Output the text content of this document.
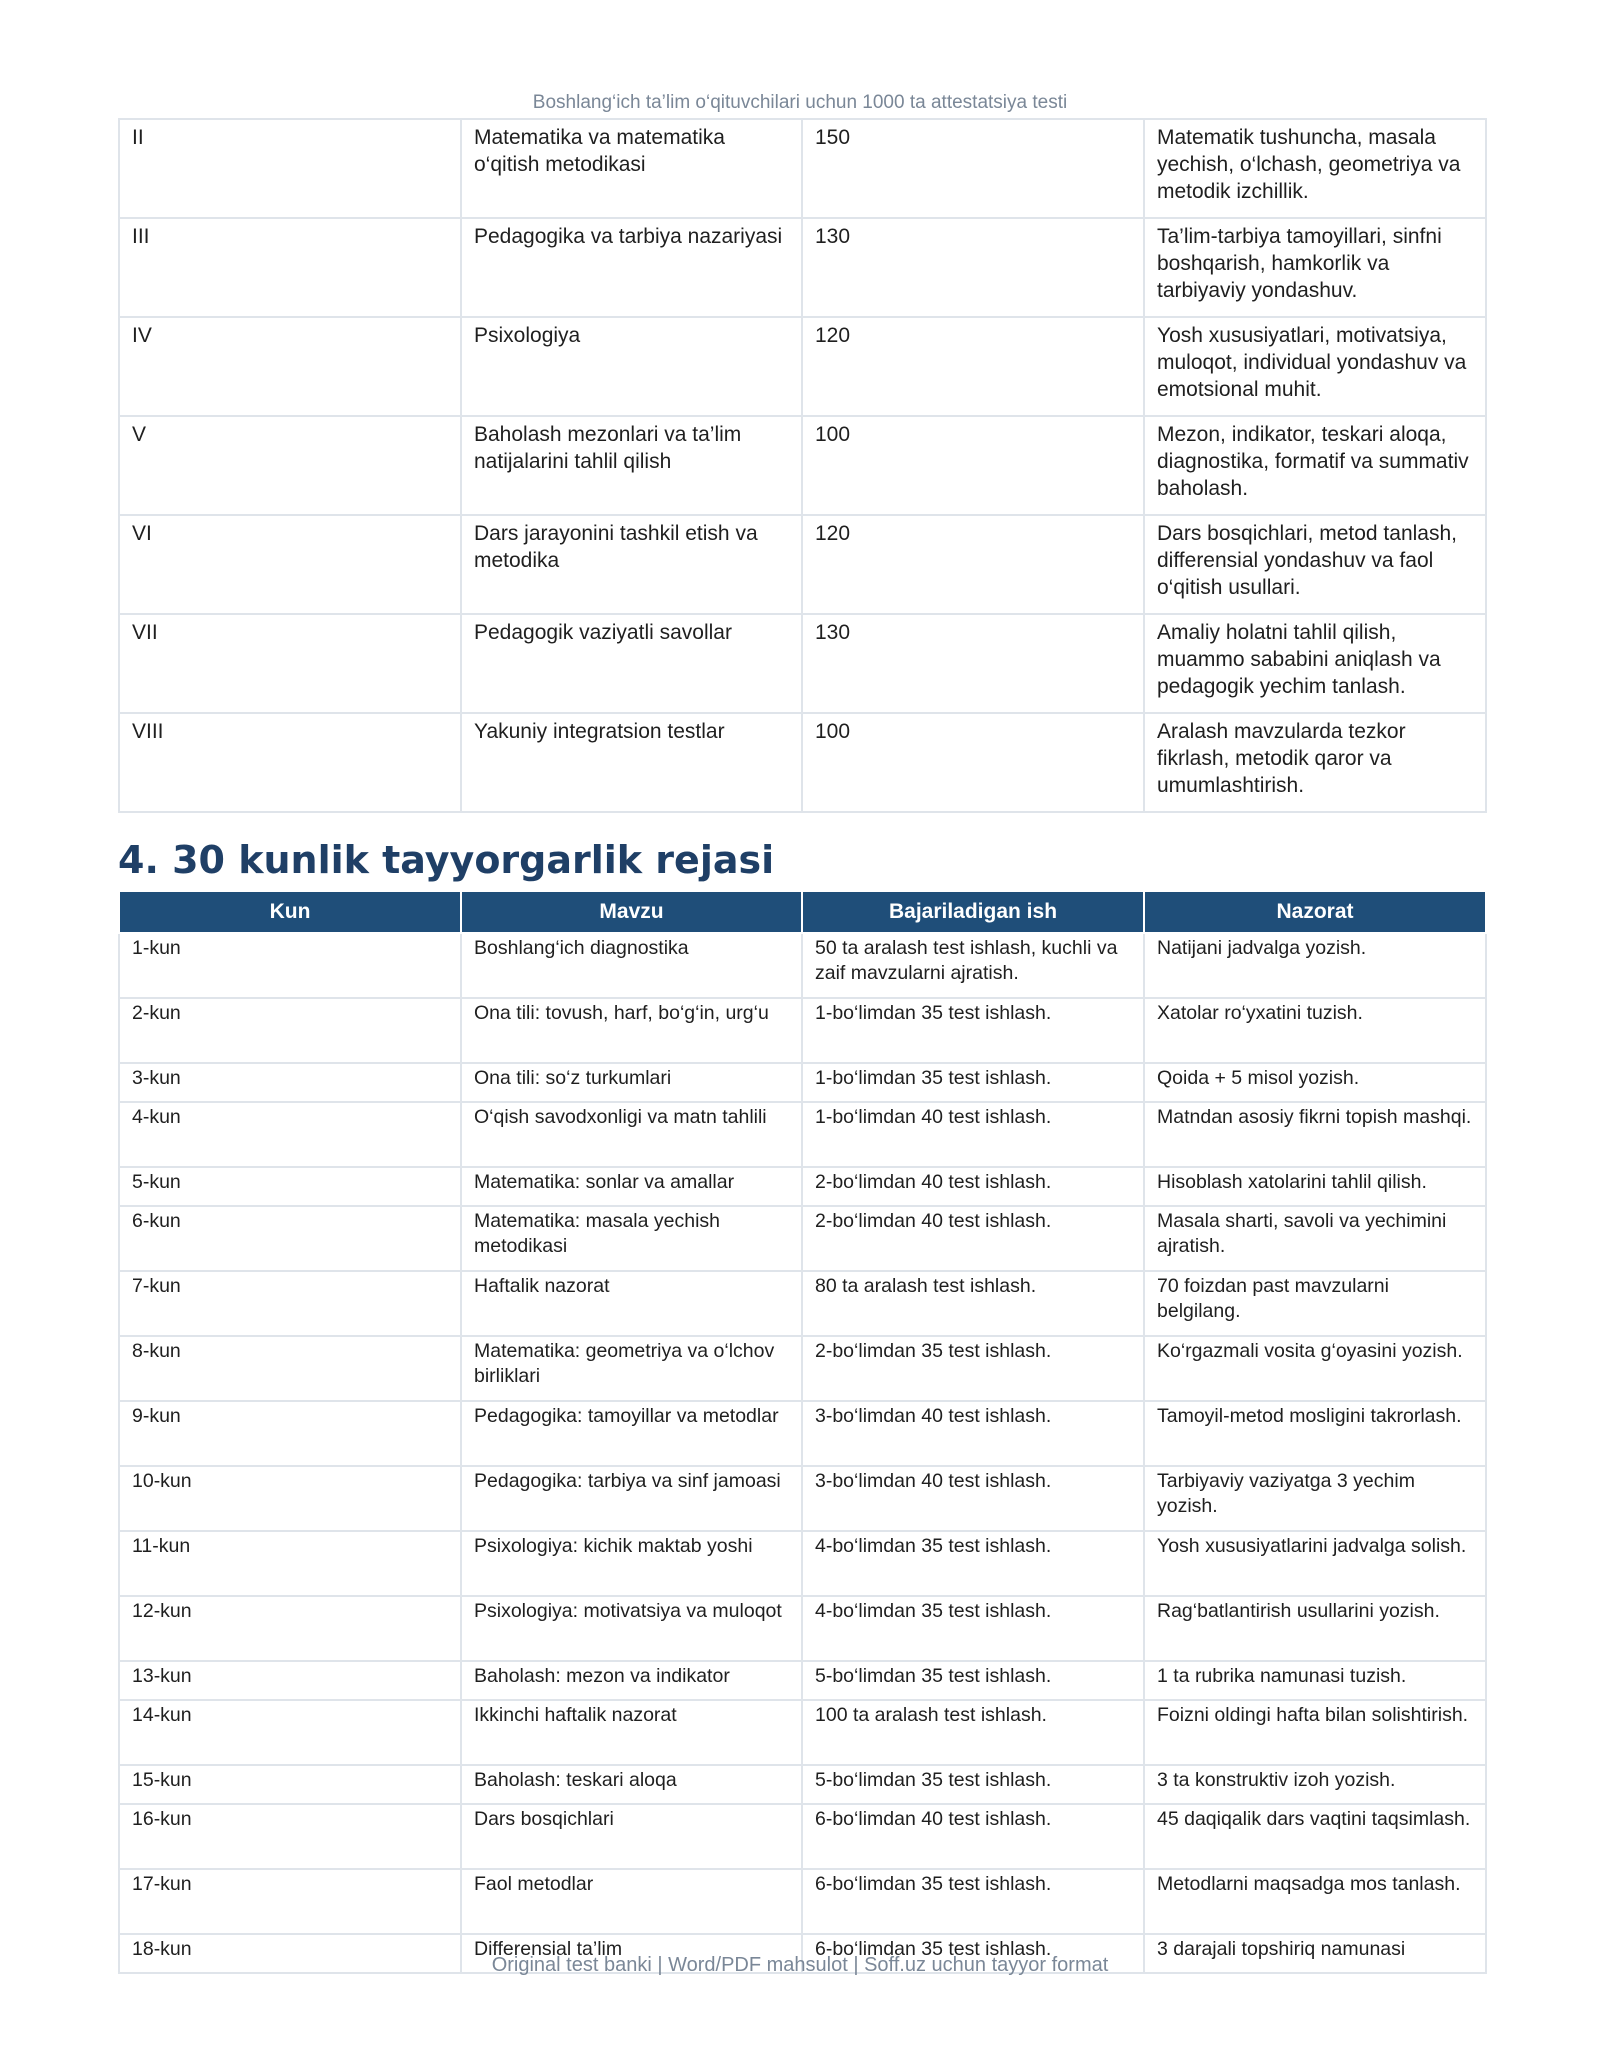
Boshlang‘ich ta’lim o‘qituvchilari uchun 1000 ta attestatsiya testi
II	Matematika va matematika o‘qitish metodikasi	150	Matematik tushuncha, masala yechish, o‘lchash, geometriya va metodik izchillik.
III	Pedagogika va tarbiya nazariyasi	130	Ta’lim-tarbiya tamoyillari, sinfni boshqarish, hamkorlik va tarbiyaviy yondashuv.
IV	Psixologiya	120	Yosh xususiyatlari, motivatsiya, muloqot, individual yondashuv va emotsional muhit.
V	Baholash mezonlari va ta’lim natijalarini tahlil qilish	100	Mezon, indikator, teskari aloqa, diagnostika, formatif va summativ baholash.
VI	Dars jarayonini tashkil etish va metodika	120	Dars bosqichlari, metod tanlash, differensial yondashuv va faol o‘qitish usullari.
VII	Pedagogik vaziyatli savollar	130	Amaliy holatni tahlil qilish, muammo sababini aniqlash va pedagogik yechim tanlash.
VIII	Yakuniy integratsion testlar	100	Aralash mavzularda tezkor fikrlash, metodik qaror va umumlashtirish.
4. 30 kunlik tayyorgarlik rejasi
Kun	Mavzu	Bajariladigan ish	Nazorat
1-kun	Boshlang‘ich diagnostika	50 ta aralash test ishlash, kuchli va zaif mavzularni ajratish.	Natijani jadvalga yozish.
2-kun	Ona tili: tovush, harf, bo‘g‘in, urg‘u	1-bo‘limdan 35 test ishlash.	Xatolar ro‘yxatini tuzish.
3-kun	Ona tili: so‘z turkumlari	1-bo‘limdan 35 test ishlash.	Qoida + 5 misol yozish.
4-kun	O‘qish savodxonligi va matn tahlili	1-bo‘limdan 40 test ishlash.	Matndan asosiy fikrni topish mashqi.
5-kun	Matematika: sonlar va amallar	2-bo‘limdan 40 test ishlash.	Hisoblash xatolarini tahlil qilish.
6-kun	Matematika: masala yechish metodikasi	2-bo‘limdan 40 test ishlash.	Masala sharti, savoli va yechimini ajratish.
7-kun	Haftalik nazorat	80 ta aralash test ishlash.	70 foizdan past mavzularni belgilang.
8-kun	Matematika: geometriya va o‘lchov birliklari	2-bo‘limdan 35 test ishlash.	Ko‘rgazmali vosita g‘oyasini yozish.
9-kun	Pedagogika: tamoyillar va metodlar	3-bo‘limdan 40 test ishlash.	Tamoyil-metod mosligini takrorlash.
10-kun	Pedagogika: tarbiya va sinf jamoasi	3-bo‘limdan 40 test ishlash.	Tarbiyaviy vaziyatga 3 yechim yozish.
11-kun	Psixologiya: kichik maktab yoshi	4-bo‘limdan 35 test ishlash.	Yosh xususiyatlarini jadvalga solish.
12-kun	Psixologiya: motivatsiya va muloqot	4-bo‘limdan 35 test ishlash.	Rag‘batlantirish usullarini yozish.
13-kun	Baholash: mezon va indikator	5-bo‘limdan 35 test ishlash.	1 ta rubrika namunasi tuzish.
14-kun	Ikkinchi haftalik nazorat	100 ta aralash test ishlash.	Foizni oldingi hafta bilan solishtirish.
15-kun	Baholash: teskari aloqa	5-bo‘limdan 35 test ishlash.	3 ta konstruktiv izoh yozish.
16-kun	Dars bosqichlari	6-bo‘limdan 40 test ishlash.	45 daqiqalik dars vaqtini taqsimlash.
17-kun	Faol metodlar	6-bo‘limdan 35 test ishlash.	Metodlarni maqsadga mos tanlash.
18-kun	Differensial ta’lim	6-bo‘limdan 35 test ishlash.	3 darajali topshiriq namunasi
Original test banki | Word/PDF mahsulot | Soff.uz uchun tayyor format
